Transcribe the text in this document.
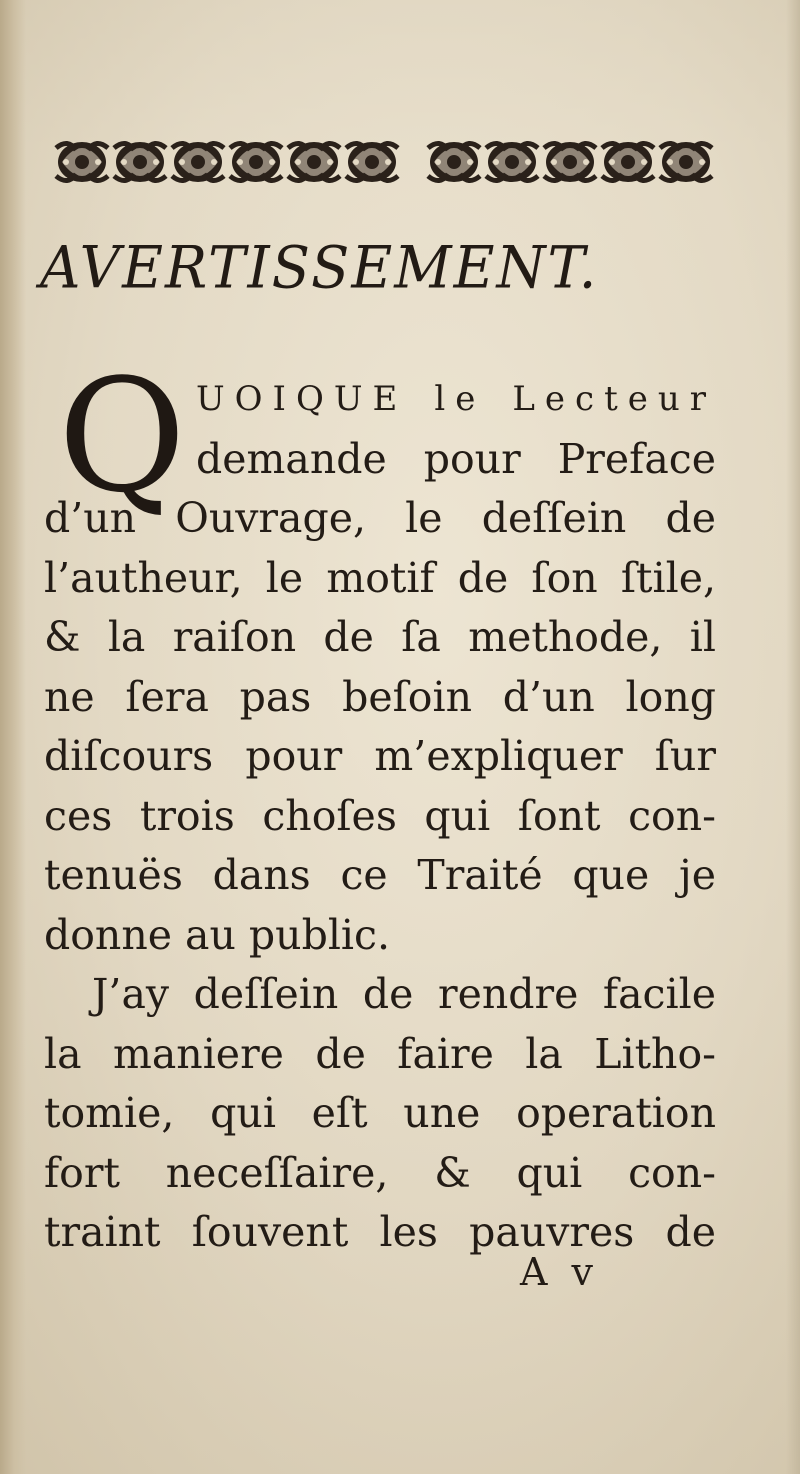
AVERTISSEMENT.
Q UOIQUE le Lecteur
demande pour Preface
d’un Ouvrage, le deſſein de
l’autheur, le motif de ſon ſtile,
& la raiſon de ſa methode, il
ne ſera pas beſoin d’un long
diſcours pour m’expliquer ſur
ces trois choſes qui ſont con-
tenuës dans ce Traité que je
donne au public.
J’ay deſſein de rendre facile
la maniere de faire la Litho-
tomie, qui eſt une operation
fort neceſſaire, & qui con-
traint ſouvent les pauvres de
A v
